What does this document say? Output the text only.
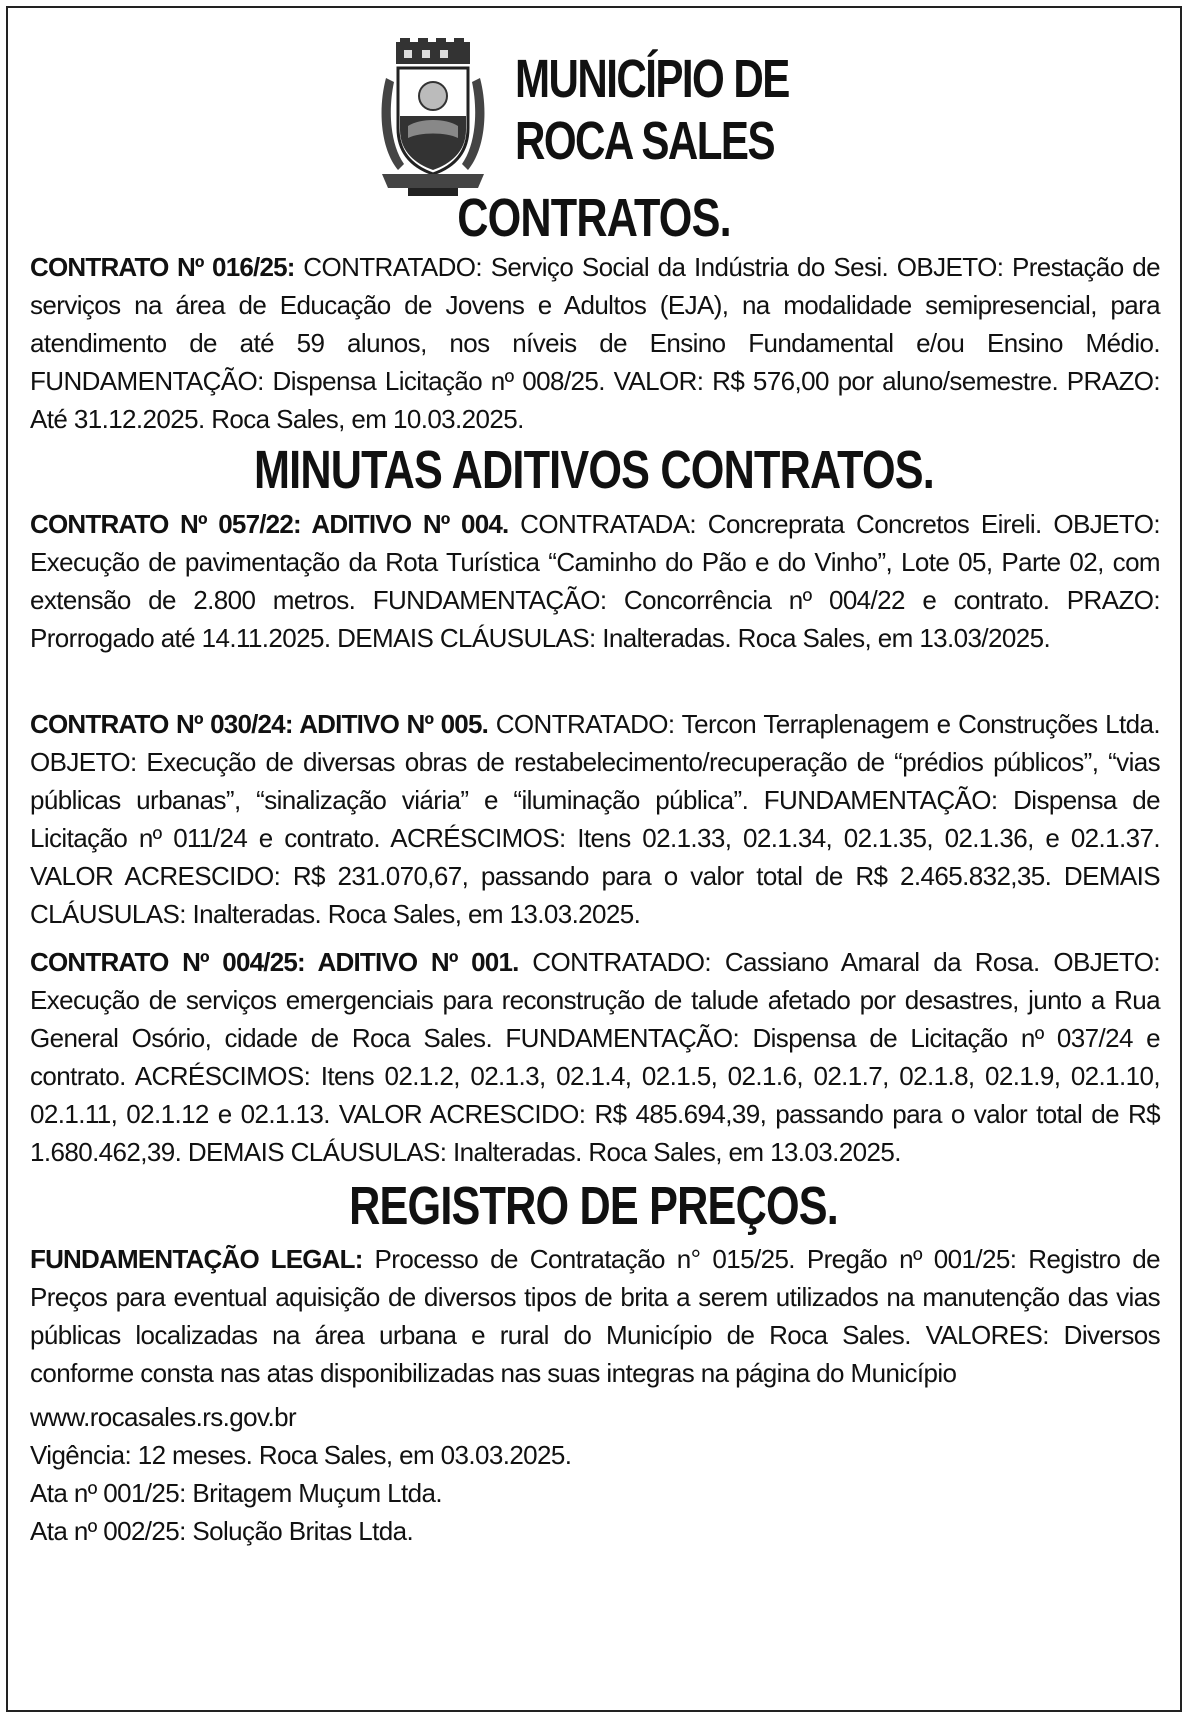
MUNICÍPIO DE
ROCA SALES
CONTRATOS.

CONTRATO Nº 016/25: CONTRATADO: Serviço Social da Indústria do Sesi. OBJETO: Prestação de serviços na área de Educação de Jovens e Adultos (EJA), na modalidade semipresencial, para atendimento de até 59 alunos, nos níveis de Ensino Fundamental e/ou Ensino Médio. FUNDAMENTAÇÃO: Dispensa Licitação nº 008/25. VALOR: R$ 576,00 por aluno/semestre. PRAZO: Até 31.12.2025. Roca Sales, em 10.03.2025.

MINUTAS ADITIVOS CONTRATOS.

CONTRATO Nº 057/22: ADITIVO Nº 004. CONTRATADA: Concreprata Concretos Eireli. OBJETO: Execução de pavimentação da Rota Turística “Caminho do Pão e do Vinho”, Lote 05, Parte 02, com extensão de 2.800 metros. FUNDAMENTAÇÃO: Concorrência nº 004/22 e contrato. PRAZO: Prorrogado até 14.11.2025. DEMAIS CLÁUSULAS: Inalteradas. Roca Sales, em 13.03/2025.

CONTRATO Nº 030/24: ADITIVO Nº 005. CONTRATADO: Tercon Terraplenagem e Construções Ltda. OBJETO: Execução de diversas obras de restabelecimento/recuperação de “prédios públicos”, “vias públicas urbanas”, “sinalização viária” e “iluminação pública”. FUNDAMENTAÇÃO: Dispensa de Licitação nº 011/24 e contrato. ACRÉSCIMOS: Itens 02.1.33, 02.1.34, 02.1.35, 02.1.36, e 02.1.37. VALOR ACRESCIDO: R$ 231.070,67, passando para o valor total de R$ 2.465.832,35. DEMAIS CLÁUSULAS: Inalteradas. Roca Sales, em 13.03.2025.

CONTRATO Nº 004/25: ADITIVO Nº 001. CONTRATADO: Cassiano Amaral da Rosa. OBJETO: Execução de serviços emergenciais para reconstrução de talude afetado por desastres, junto a Rua General Osório, cidade de Roca Sales. FUNDAMENTAÇÃO: Dispensa de Licitação nº 037/24 e contrato. ACRÉSCIMOS: Itens 02.1.2, 02.1.3, 02.1.4, 02.1.5, 02.1.6, 02.1.7, 02.1.8, 02.1.9, 02.1.10, 02.1.11, 02.1.12 e 02.1.13. VALOR ACRESCIDO: R$ 485.694,39, passando para o valor total de R$ 1.680.462,39. DEMAIS CLÁUSULAS: Inalteradas. Roca Sales, em 13.03.2025.

REGISTRO DE PREÇOS.

FUNDAMENTAÇÃO LEGAL: Processo de Contratação n° 015/25. Pregão nº 001/25: Registro de Preços para eventual aquisição de diversos tipos de brita a serem utilizados na manutenção das vias públicas localizadas na área urbana e rural do Município de Roca Sales. VALORES: Diversos conforme consta nas atas disponibilizadas nas suas integras na página do Município

www.rocasales.rs.gov.br

Vigência: 12 meses. Roca Sales, em 03.03.2025.

Ata nº 001/25: Britagem Muçum Ltda.

Ata nº 002/25: Solução Britas Ltda.
